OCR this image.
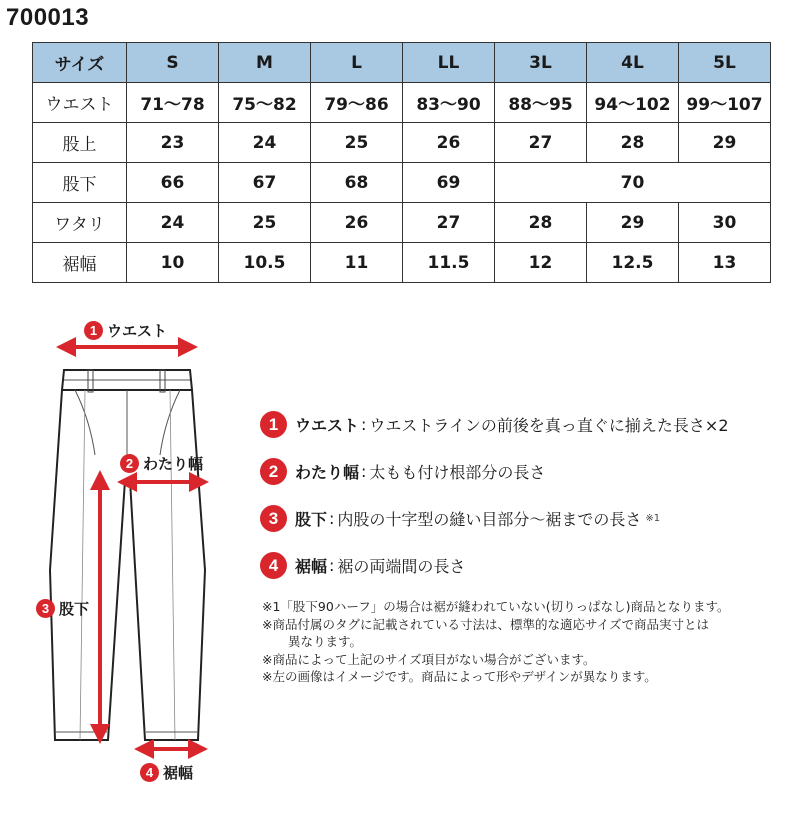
700013
サイズ	S	M	L	LL	3L	4L	5L
ウエスト	71〜78	75〜82	79〜86	83〜90	88〜95	94〜102	99〜107
股上	23	24	25	26	27	28	29
股下	66	67	68	69	70		
ワタリ	24	25	26	27	28	29	30
裾幅	10	10.5	11	11.5	12	12.5	13
1 ウエスト
2 わたり幅
3 股下
4 裾幅
1	ウエスト : ウエストラインの前後を真っ直ぐに揃えた長さ×2
2	わたり幅 : 太もも付け根部分の長さ
3	股下 : 内股の十字型の縫い目部分〜裾までの長さ ※1
4	裾幅 : 裾の両端間の長さ
※1「股下90ハーフ」の場合は裾が縫われていない(切りっぱなし)商品となります。
※商品付属のタグに記載されている寸法は、標準的な適応サイズで商品実寸とは
異なります。
※商品によって上記のサイズ項目がない場合がございます。
※左の画像はイメージです。商品によって形やデザインが異なります。
